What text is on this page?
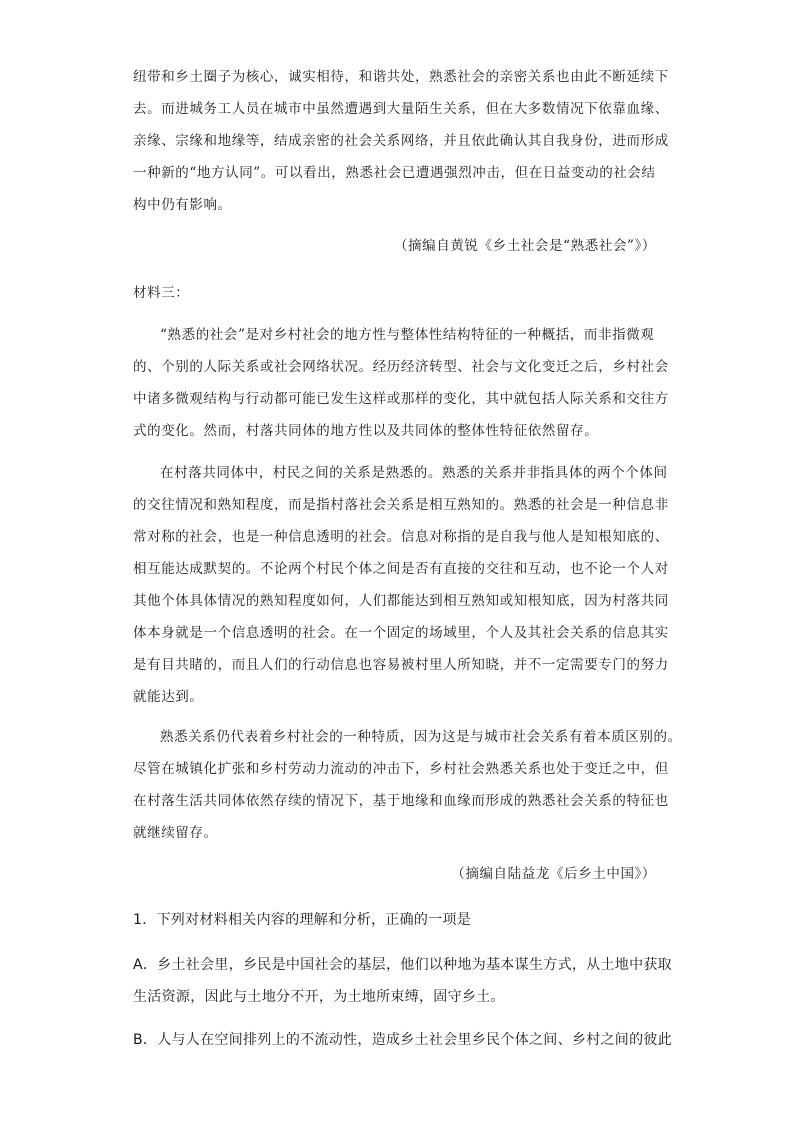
纽带和乡土圈子为核心，诚实相待，和谐共处，熟悉社会的亲密关系也由此不断延续下
去。而进城务工人员在城市中虽然遭遇到大量陌生关系，但在大多数情况下依靠血缘、
亲缘、宗缘和地缘等，结成亲密的社会关系网络，并且依此确认其自我身份，进而形成
一种新的“地方认同”。可以看出，熟悉社会已遭遇强烈冲击，但在日益变动的社会结
构中仍有影响。
（摘编自黄锐《乡土社会是“熟悉社会”》）
材料三：
“熟悉的社会”是对乡村社会的地方性与整体性结构特征的一种概括，而非指微观
的、个别的人际关系或社会网络状况。经历经济转型、社会与文化变迁之后，乡村社会
中诸多微观结构与行动都可能已发生这样或那样的变化，其中就包括人际关系和交往方
式的变化。然而，村落共同体的地方性以及共同体的整体性特征依然留存。
在村落共同体中，村民之间的关系是熟悉的。熟悉的关系并非指具体的两个个体间
的交往情况和熟知程度，而是指村落社会关系是相互熟知的。熟悉的社会是一种信息非
常对称的社会，也是一种信息透明的社会。信息对称指的是自我与他人是知根知底的、
相互能达成默契的。不论两个村民个体之间是否有直接的交往和互动，也不论一个人对
其他个体具体情况的熟知程度如何，人们都能达到相互熟知或知根知底，因为村落共同
体本身就是一个信息透明的社会。在一个固定的场域里，个人及其社会关系的信息其实
是有目共睹的，而且人们的行动信息也容易被村里人所知晓，并不一定需要专门的努力
就能达到。
熟悉关系仍代表着乡村社会的一种特质，因为这是与城市社会关系有着本质区别的。
尽管在城镇化扩张和乡村劳动力流动的冲击下，乡村社会熟悉关系也处于变迁之中，但
在村落生活共同体依然存续的情况下，基于地缘和血缘而形成的熟悉社会关系的特征也
就继续留存。
（摘编自陆益龙《后乡土中国》）
1．下列对材料相关内容的理解和分析，正确的一项是
A．乡土社会里，乡民是中国社会的基层，他们以种地为基本谋生方式，从土地中获取
生活资源，因此与土地分不开，为土地所束缚，固守乡土。
B．人与人在空间排列上的不流动性，造成乡土社会里乡民个体之间、乡村之间的彼此
